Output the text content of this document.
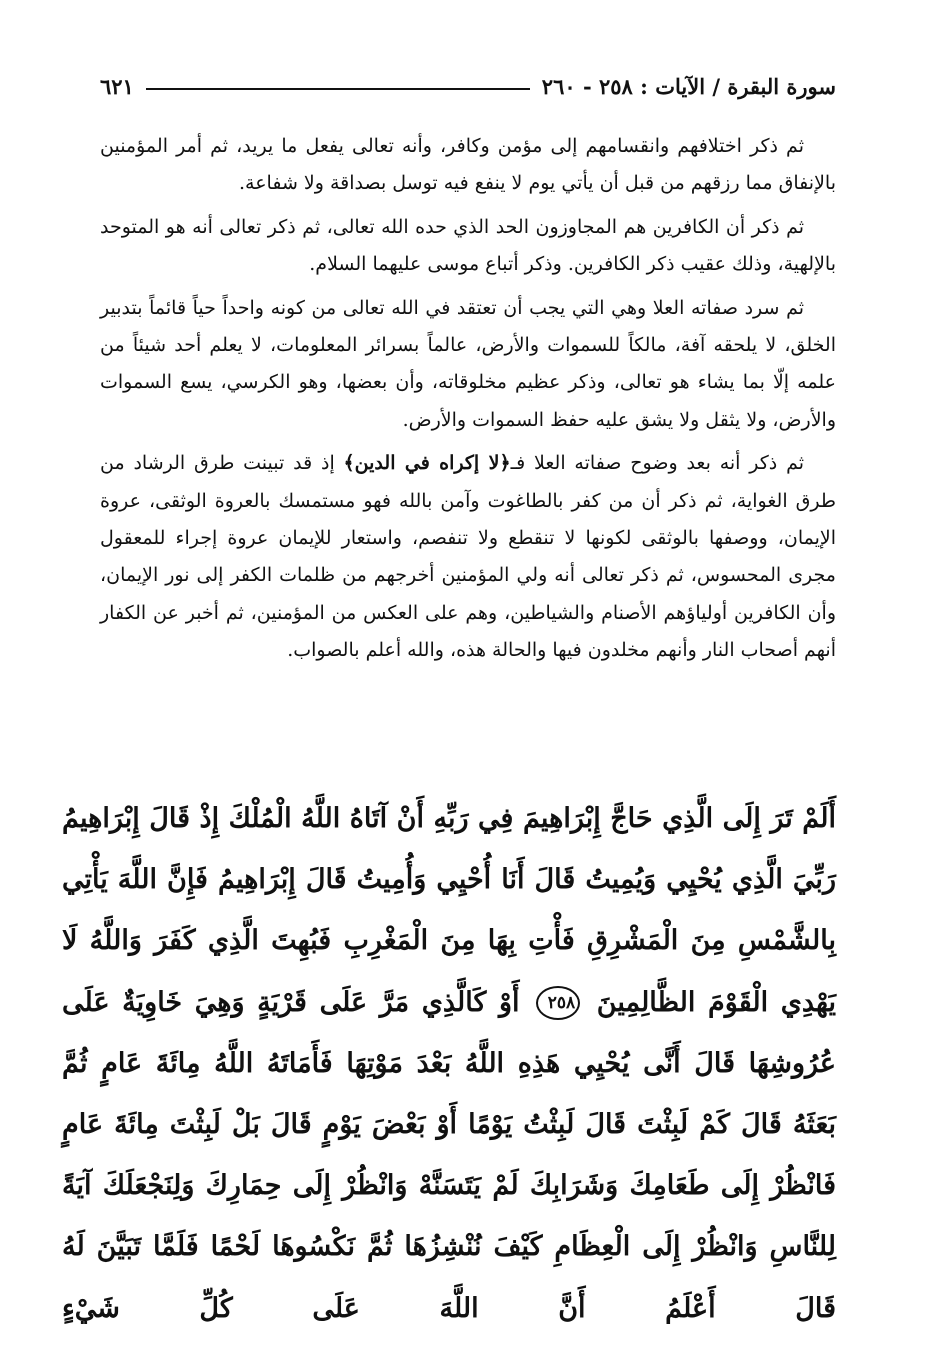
سورة البقرة / الآيات : ٢٥٨ - ٢٦٠
٦٢١

ثم ذكر اختلافهم وانقسامهم إلى مؤمن وكافر، وأنه تعالى يفعل ما يريد، ثم أمر المؤمنين بالإنفاق مما رزقهم من قبل أن يأتي يوم لا ينفع فيه توسل بصداقة ولا شفاعة.

ثم ذكر أن الكافرين هم المجاوزون الحد الذي حده الله تعالى، ثم ذكر تعالى أنه هو المتوحد بالإلهية، وذلك عقيب ذكر الكافرين. وذكر أتباع موسى عليهما السلام.

ثم سرد صفاته العلا وهي التي يجب أن تعتقد في الله تعالى من كونه واحداً حياً قائماً بتدبير الخلق، لا يلحقه آفة، مالكاً للسموات والأرض، عالماً بسرائر المعلومات، لا يعلم أحد شيئاً من علمه إلّا بما يشاء هو تعالى، وذكر عظيم مخلوقاته، وأن بعضها، وهو الكرسي، يسع السموات والأرض، ولا يثقل ولا يشق عليه حفظ السموات والأرض.

ثم ذكر أنه بعد وضوح صفاته العلا فـ﴿لا إكراه في الدين﴾ إذ قد تبينت طرق الرشاد من طرق الغواية، ثم ذكر أن من كفر بالطاغوت وآمن بالله فهو مستمسك بالعروة الوثقى، عروة الإيمان، ووصفها بالوثقى لكونها لا تنقطع ولا تنفصم، واستعار للإيمان عروة إجراء للمعقول مجرى المحسوس، ثم ذكر تعالى أنه ولي المؤمنين أخرجهم من ظلمات الكفر إلى نور الإيمان، وأن الكافرين أولياؤهم الأصنام والشياطين، وهم على العكس من المؤمنين، ثم أخبر عن الكفار أنهم أصحاب النار وأنهم مخلدون فيها والحالة هذه، والله أعلم بالصواب.

أَلَمْ تَرَ إِلَى الَّذِي حَاجَّ إِبْرَاهِيمَ فِي رَبِّهِ أَنْ آتَاهُ اللَّهُ الْمُلْكَ إِذْ قَالَ إِبْرَاهِيمُ رَبِّيَ الَّذِي يُحْيِي وَيُمِيتُ قَالَ أَنَا أُحْيِي وَأُمِيتُ قَالَ إِبْرَاهِيمُ فَإِنَّ اللَّهَ يَأْتِي بِالشَّمْسِ مِنَ الْمَشْرِقِ فَأْتِ بِهَا مِنَ الْمَغْرِبِ فَبُهِتَ الَّذِي كَفَرَ وَاللَّهُ لَا يَهْدِي الْقَوْمَ الظَّالِمِينَ ٢٥٨ أَوْ كَالَّذِي مَرَّ عَلَى قَرْيَةٍ وَهِيَ خَاوِيَةٌ عَلَى عُرُوشِهَا قَالَ أَنَّى يُحْيِي هَذِهِ اللَّهُ بَعْدَ مَوْتِهَا فَأَمَاتَهُ اللَّهُ مِائَةَ عَامٍ ثُمَّ بَعَثَهُ قَالَ كَمْ لَبِثْتَ قَالَ لَبِثْتُ يَوْمًا أَوْ بَعْضَ يَوْمٍ قَالَ بَلْ لَبِثْتَ مِائَةَ عَامٍ فَانْظُرْ إِلَى طَعَامِكَ وَشَرَابِكَ لَمْ يَتَسَنَّهْ وَانْظُرْ إِلَى حِمَارِكَ وَلِنَجْعَلَكَ آيَةً لِلنَّاسِ وَانْظُرْ إِلَى الْعِظَامِ كَيْفَ نُنْشِزُهَا ثُمَّ نَكْسُوهَا لَحْمًا فَلَمَّا تَبَيَّنَ لَهُ قَالَ أَعْلَمُ أَنَّ اللَّهَ عَلَى كُلِّ شَيْءٍ
